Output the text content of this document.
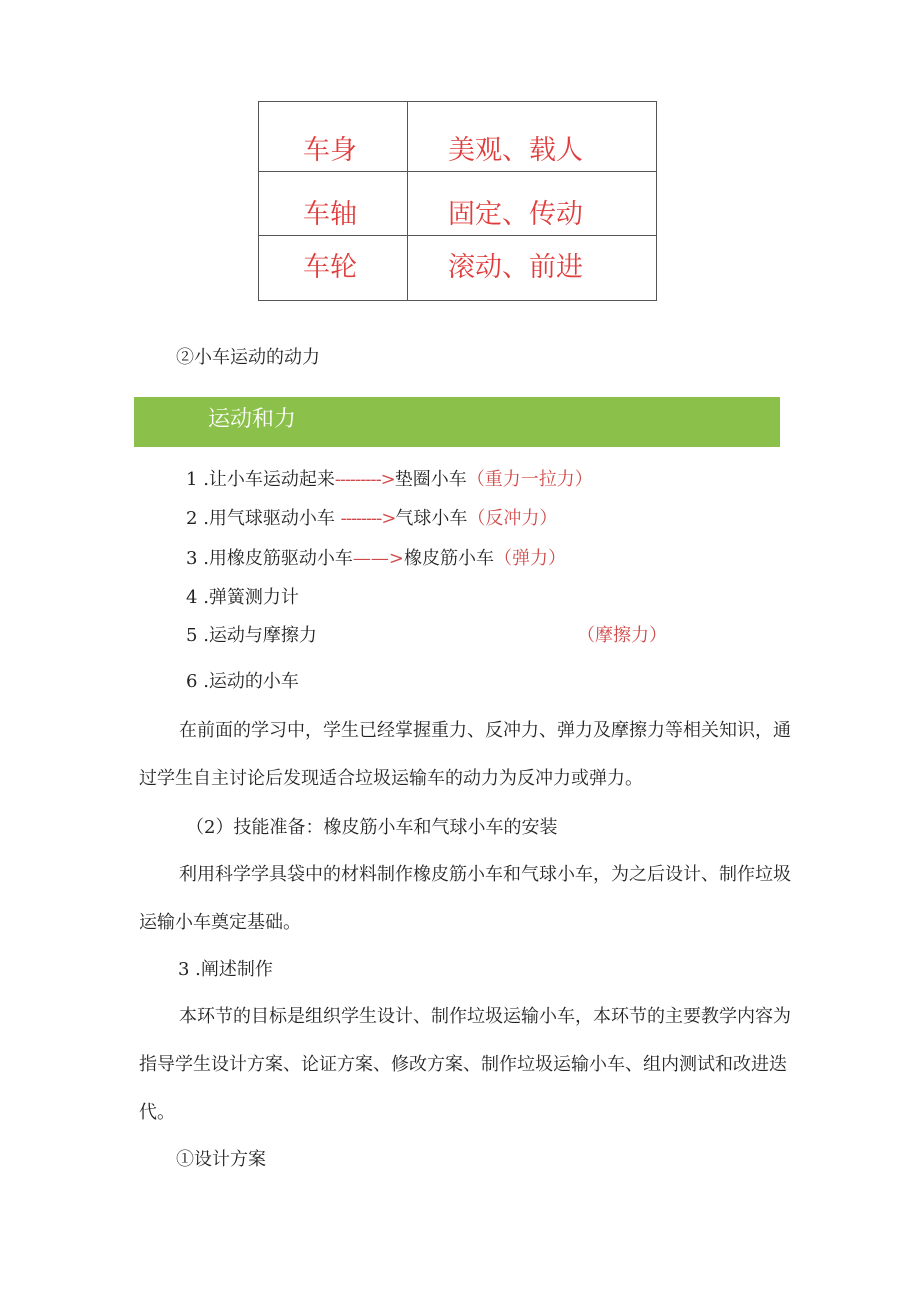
车身	美观、载人
车轴	固定、传动
车轮	滚动、前进
②小车运动的动力
运动和力
1 .让小车运动起来--------->垫圈小车（重力一拉力）
2 .用气球驱动小车 -------->气球小车（反冲力）
3 .用橡皮筋驱动小车——>橡皮筋小车（弹力）
4 .弹簧测力计
5 .运动与摩擦力	（摩擦力）
6 .运动的小车
在前面的学习中，学生已经掌握重力、反冲力、弹力及摩擦力等相关知识，通过学生自主讨论后发现适合垃圾运输车的动力为反冲力或弹力。
（2）技能准备：橡皮筋小车和气球小车的安装
利用科学学具袋中的材料制作橡皮筋小车和气球小车，为之后设计、制作垃圾运输小车奠定基础。
3 .阐述制作
本环节的目标是组织学生设计、制作垃圾运输小车，本环节的主要教学内容为指导学生设计方案、论证方案、修改方案、制作垃圾运输小车、组内测试和改进迭代。
①设计方案
